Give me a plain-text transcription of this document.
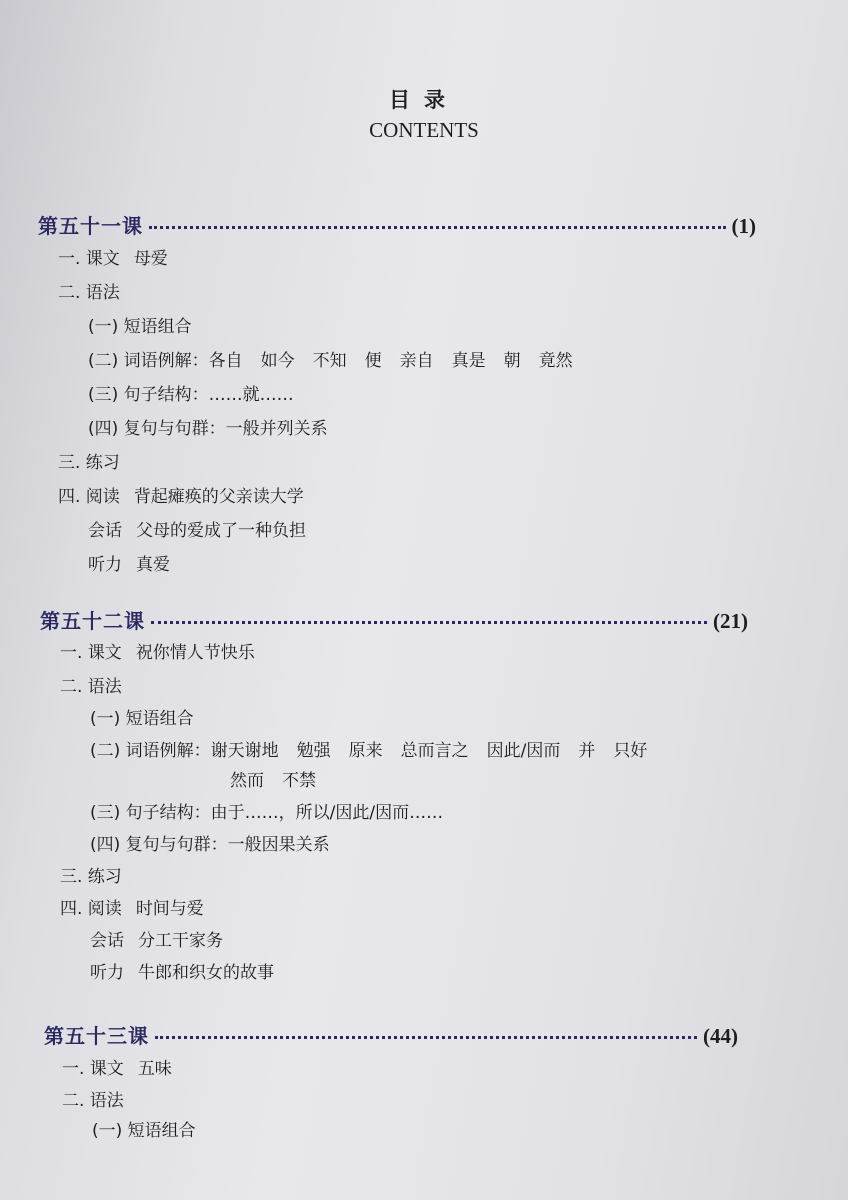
目录
CONTENTS
第五十一课	(1)
一. 课文 母爱
二. 语法
(一) 短语组合
(二) 词语例解：各自 如今 不知 便 亲自 真是 朝 竟然
(三) 句子结构：……就……
(四) 复句与句群：一般并列关系
三. 练习
四. 阅读 背起瘫痪的父亲读大学
会话 父母的爱成了一种负担
听力 真爱
第五十二课	(21)
一. 课文 祝你情人节快乐
二. 语法
(一) 短语组合
(二) 词语例解：谢天谢地 勉强 原来 总而言之 因此/因而 并 只好
然而 不禁
(三) 句子结构：由于……，所以/因此/因而……
(四) 复句与句群：一般因果关系
三. 练习
四. 阅读 时间与爱
会话 分工干家务
听力 牛郎和织女的故事
第五十三课	(44)
一. 课文 五味
二. 语法
(一) 短语组合
